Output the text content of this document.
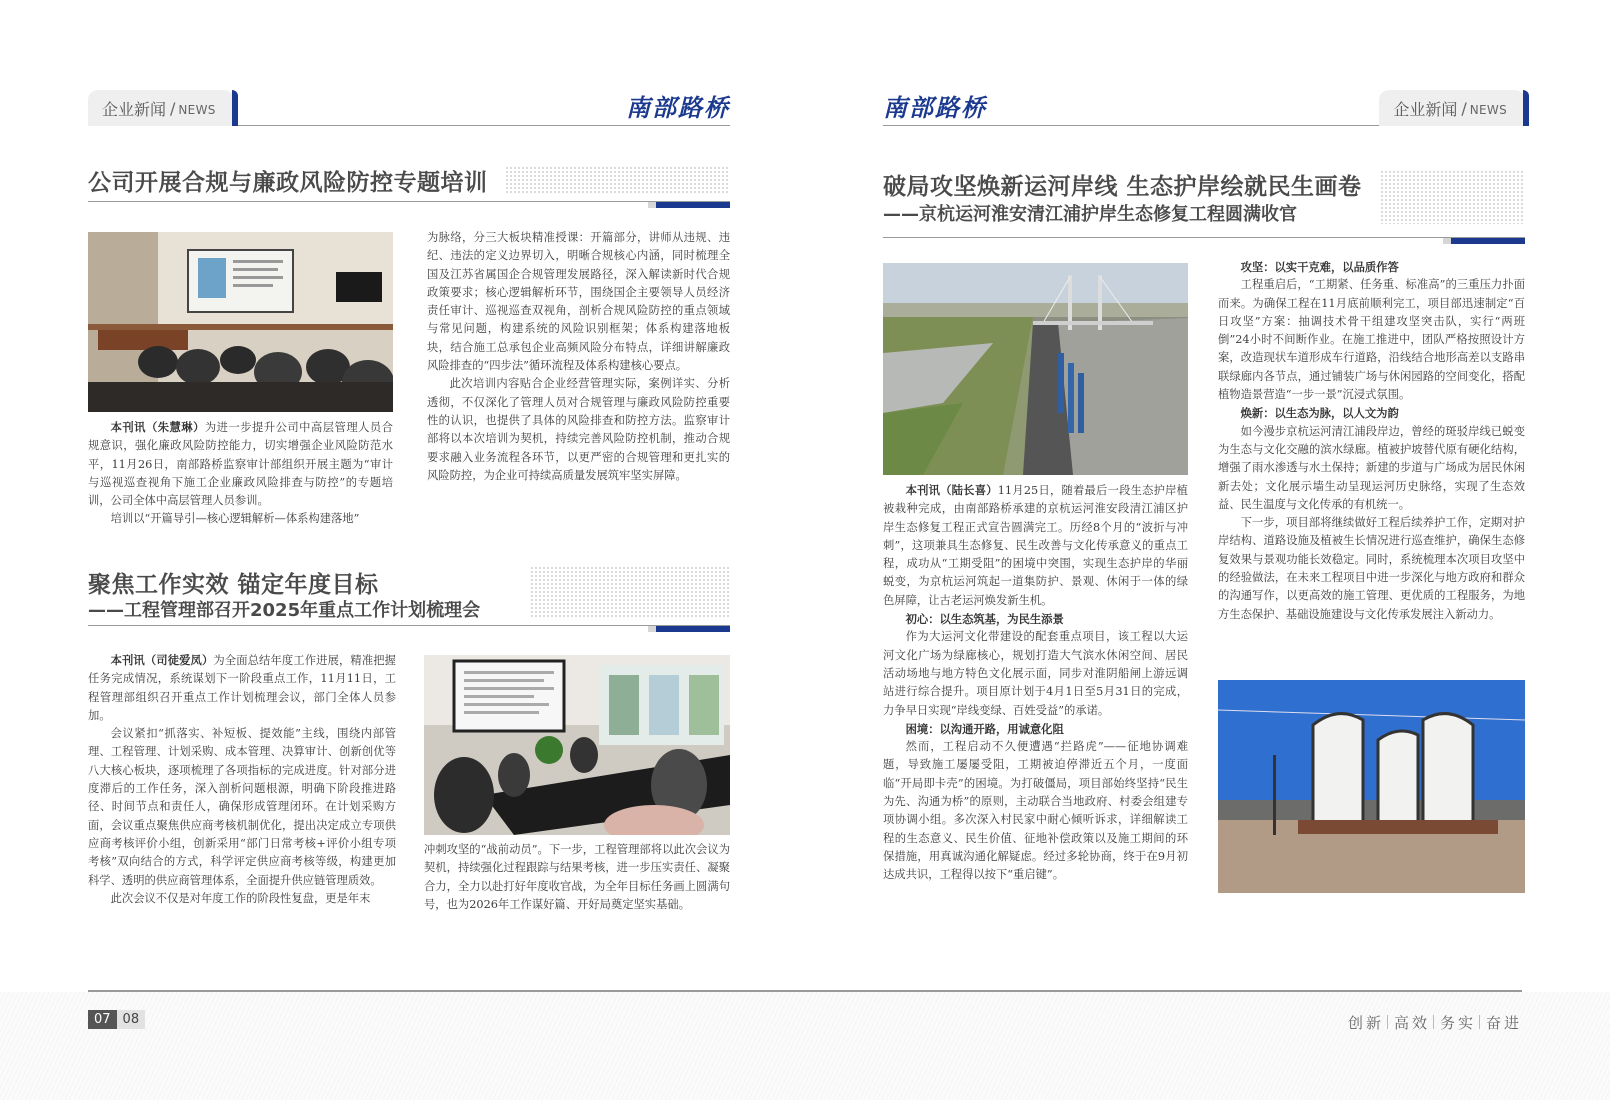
企业新闻 / NEWS	南部路桥
公司开展合规与廉政风险防控专题培训

本刊讯（朱慧琳）为进一步提升公司中高层管理人员合规意识，强化廉政风险防控能力，切实增强企业风险防范水平，11月26日，南部路桥监察审计部组织开展主题为“审计与巡视巡查视角下施工企业廉政风险排查与防控”的专题培训，公司全体中高层管理人员参训。

培训以“开篇导引—核心逻辑解析—体系构建落地”

为脉络，分三大板块精准授课：开篇部分，讲师从违规、违纪、违法的定义边界切入，明晰合规核心内涵，同时梳理全国及江苏省属国企合规管理发展路径，深入解读新时代合规政策要求；核心逻辑解析环节，围绕国企主要领导人员经济责任审计、巡视巡查双视角，剖析合规风险防控的重点领域与常见问题，构建系统的风险识别框架；体系构建落地板块，结合施工总承包企业高频风险分布特点，详细讲解廉政风险排查的“四步法”循环流程及体系构建核心要点。

此次培训内容贴合企业经营管理实际，案例详实、分析透彻，不仅深化了管理人员对合规管理与廉政风险防控重要性的认识，也提供了具体的风险排查和防控方法。监察审计部将以本次培训为契机，持续完善风险防控机制，推动合规要求融入业务流程各环节，以更严密的合规管理和更扎实的风险防控，为企业可持续高质量发展筑牢坚实屏障。

聚焦工作实效 锚定年度目标
——工程管理部召开2025年重点工作计划梳理会

本刊讯（司徒爱凤）为全面总结年度工作进展，精准把握任务完成情况，系统谋划下一阶段重点工作，11月11日，工程管理部组织召开重点工作计划梳理会议，部门全体人员参加。

会议紧扣“抓落实、补短板、提效能”主线，围绕内部管理、工程管理、计划采购、成本管理、决算审计、创新创优等八大核心板块，逐项梳理了各项指标的完成进度。针对部分进度滞后的工作任务，深入剖析问题根源，明确下阶段推进路径、时间节点和责任人，确保形成管理闭环。在计划采购方面，会议重点聚焦供应商考核机制优化，提出决定成立专项供应商考核评价小组，创新采用“部门日常考核+评价小组专项考核”双向结合的方式，科学评定供应商考核等级，构建更加科学、透明的供应商管理体系，全面提升供应链管理质效。

此次会议不仅是对年度工作的阶段性复盘，更是年末

冲刺攻坚的“战前动员”。下一步，工程管理部将以此次会议为契机，持续强化过程跟踪与结果考核，进一步压实责任、凝聚合力，全力以赴打好年度收官战，为全年目标任务画上圆满句号，也为2026年工作谋好篇、开好局奠定坚实基础。

南部路桥	企业新闻 / NEWS
破局攻坚焕新运河岸线 生态护岸绘就民生画卷
——京杭运河淮安清江浦护岸生态修复工程圆满收官

本刊讯（陆长喜）11月25日，随着最后一段生态护岸植被栽种完成，由南部路桥承建的京杭运河淮安段清江浦区护岸生态修复工程正式宣告圆满完工。历经8个月的“波折与冲刺”，这项兼具生态修复、民生改善与文化传承意义的重点工程，成功从“工期受阻”的困境中突围，实现生态护岸的华丽蜕变，为京杭运河筑起一道集防护、景观、休闲于一体的绿色屏障，让古老运河焕发新生机。

初心：以生态筑基，为民生添景

作为大运河文化带建设的配套重点项目，该工程以大运河文化广场为绿廊核心，规划打造大气滨水休闲空间、居民活动场地与地方特色文化展示面，同步对淮阴船闸上游远调站进行综合提升。项目原计划于4月1日至5月31日的完成，力争早日实现“岸线变绿、百姓受益”的承诺。

困境：以沟通开路，用诚意化阻

然而，工程启动不久便遭遇“拦路虎”——征地协调难题，导致施工屡屡受阻，工期被迫停滞近五个月，一度面临“开局即卡壳”的困境。为打破僵局，项目部始终坚持“民生为先、沟通为桥”的原则，主动联合当地政府、村委会组建专项协调小组。多次深入村民家中耐心倾听诉求，详细解读工程的生态意义、民生价值、征地补偿政策以及施工期间的环保措施，用真诚沟通化解疑虑。经过多轮协商，终于在9月初达成共识，工程得以按下“重启键”。

攻坚：以实干克难，以品质作答

工程重启后，“工期紧、任务重、标准高”的三重压力扑面而来。为确保工程在11月底前顺利完工，项目部迅速制定“百日攻坚”方案：抽调技术骨干组建攻坚突击队，实行“两班倒”24小时不间断作业。在施工推进中，团队严格按照设计方案，改造现状车道形成车行道路，沿线结合地形高差以支路串联绿廊内各节点，通过铺装广场与休闲园路的空间变化，搭配植物造景营造“一步一景”沉浸式氛围。

焕新：以生态为脉，以人文为韵

如今漫步京杭运河清江浦段岸边，曾经的斑驳岸线已蜕变为生态与文化交融的滨水绿廊。植被护坡替代原有硬化结构，增强了雨水渗透与水土保持；新建的步道与广场成为居民休闲新去处；文化展示墙生动呈现运河历史脉络，实现了生态效益、民生温度与文化传承的有机统一。

下一步，项目部将继续做好工程后续养护工作，定期对护岸结构、道路设施及植被生长情况进行巡查维护，确保生态修复效果与景观功能长效稳定。同时，系统梳理本次项目攻坚中的经验做法，在未来工程项目中进一步深化与地方政府和群众的沟通写作，以更高效的施工管理、更优质的工程服务，为地方生态保护、基础设施建设与文化传承发展注入新动力。

07 08	创新 高效 务实 奋进
